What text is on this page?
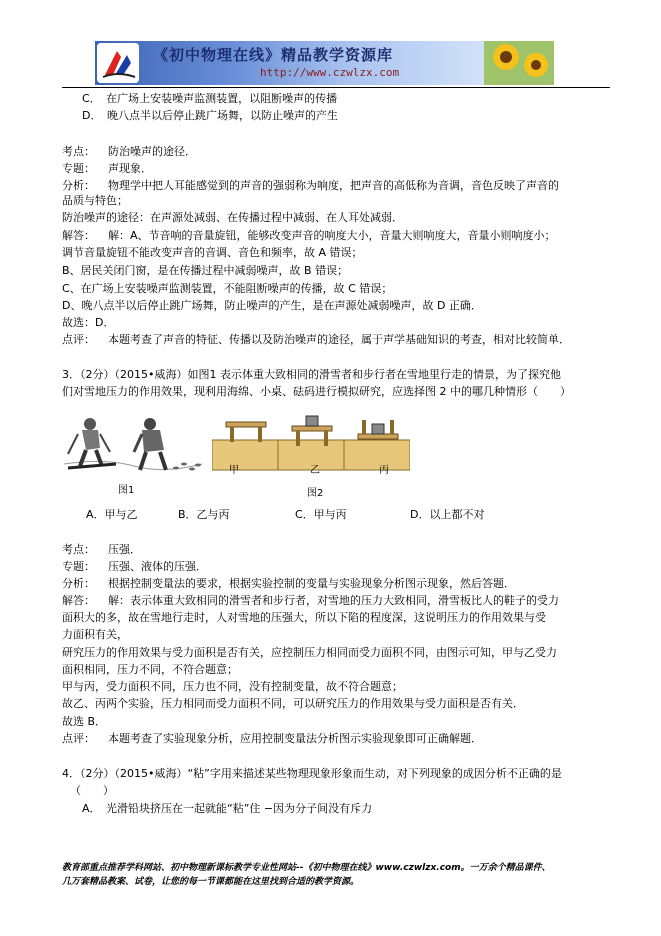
《初中物理在线》精品教学资源库
http://www.czwlzx.com
C．　在广场上安装噪声监测装置，以阻断噪声的传播
D．　晚八点半以后停止跳广场舞，以防止噪声的产生
考点： 防治噪声的途径．
专题： 声现象．
分析： 物理学中把人耳能感觉到的声音的强弱称为响度，把声音的高低称为音调，音色反映了声音的
品质与特色；
防治噪声的途径：在声源处减弱、在传播过程中减弱、在人耳处减弱．
解答： 解：A、节音响的音量旋钮，能够改变声音的响度大小，音量大则响度大，音量小则响度小；
调节音量旋钮不能改变声音的音调、音色和频率，故 A 错误；
B、居民关闭门窗，是在传播过程中减弱噪声，故 B 错误；
C、在广场上安装噪声监测装置，不能阻断噪声的传播，故 C 错误；
D、晚八点半以后停止跳广场舞，防止噪声的产生，是在声源处减弱噪声，故 D 正确．
故选：D．
点评： 本题考查了声音的特征、传播以及防治噪声的途径，属于声学基础知识的考查，相对比较简单．
3．（2分）（2015•威海）如图1 表示体重大致相同的滑雪者和步行者在雪地里行走的情景，为了探究他
们对雪地压力的作用效果，现利用海绵、小桌、砝码进行模拟研究，应选择图 2 中的哪几种情形（　　）
图1
甲	乙	丙
图2
A．甲与乙	B．乙与丙	C．甲与丙	D．以上都不对
考点： 压强．
专题： 压强、液体的压强．
分析： 根据控制变量法的要求，根据实验控制的变量与实验现象分析图示现象，然后答题．
解答： 解：表示体重大致相同的滑雪者和步行者，对雪地的压力大致相同，滑雪板比人的鞋子的受力
面积大的多，故在雪地行走时，人对雪地的压强大，所以下陷的程度深，这说明压力的作用效果与受
力面积有关，
研究压力的作用效果与受力面积是否有关，应控制压力相同而受力面积不同，由图示可知，甲与乙受力
面积相同，压力不同，不符合题意；
甲与丙，受力面积不同，压力也不同，没有控制变量，故不符合题意；
故乙、丙两个实验，压力相同而受力面积不同，可以研究压力的作用效果与受力面积是否有关．
故选 B．
点评： 本题考查了实验现象分析，应用控制变量法分析图示实验现象即可正确解题．
4．（2分）（2015•威海）“粘”字用来描述某些物理现象形象而生动，对下列现象的成因分析不正确的是
（　　）
A．　光滑铅块挤压在一起就能“粘”住 −因为分子间没有斥力
教育部重点推荐学科网站、初中物理新课标教学专业性网站--《初中物理在线》www.czwlzx.com。一万余个精品课件、
几万套精品教案、试卷，让您的每一节课都能在这里找到合适的教学资源。
